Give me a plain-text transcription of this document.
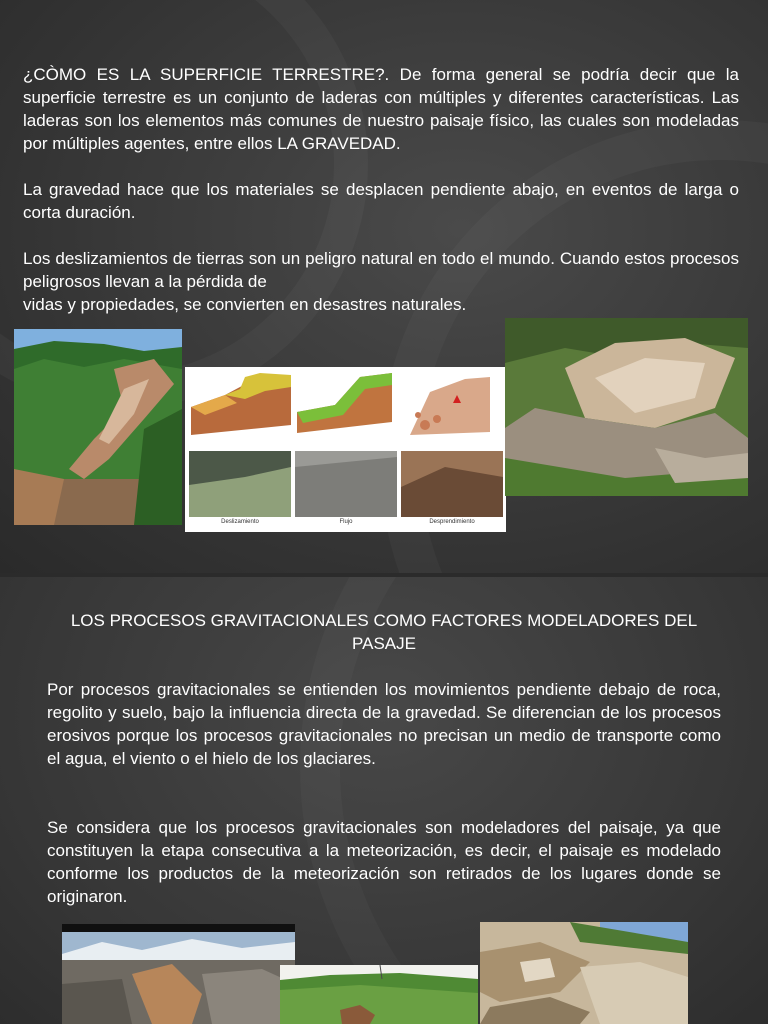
¿CÒMO ES LA SUPERFICIE TERRESTRE?. De forma general se podría decir que la superficie terrestre es un conjunto de laderas con múltiples y diferentes características. Las laderas son los elementos más comunes de nuestro paisaje físico, las cuales son modeladas por múltiples agentes, entre ellos LA GRAVEDAD.

La gravedad hace que los materiales se desplacen pendiente abajo, en eventos de larga o corta duración.

Los deslizamientos de tierras son un peligro natural en todo el mundo. Cuando estos procesos peligrosos llevan a la pérdida de
vidas y propiedades, se convierten en desastres naturales.

Deslizamiento	Flujo	Desprendimiento
LOS PROCESOS GRAVITACIONALES COMO FACTORES MODELADORES DEL PASAJE

Por procesos gravitacionales se entienden los movimientos pendiente debajo de roca, regolito y suelo, bajo la influencia directa de la gravedad. Se diferencian de los procesos erosivos porque los procesos gravitacionales no precisan un medio de transporte como el agua, el viento o el hielo de los glaciares.

Se considera que los procesos gravitacionales son modeladores del paisaje, ya que constituyen la etapa consecutiva a la meteorización, es decir, el paisaje es modelado conforme los productos de la meteorización son retirados de los lugares donde se originaron.
